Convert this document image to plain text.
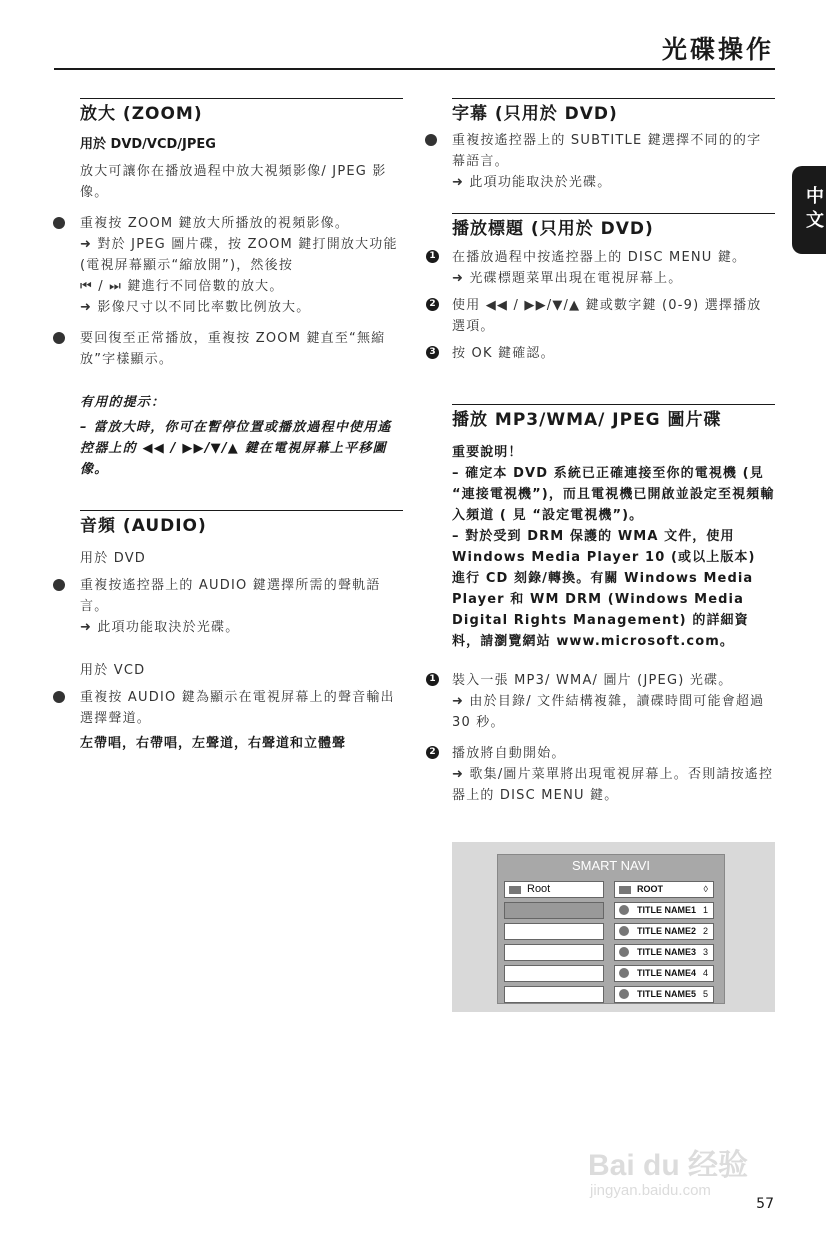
光碟操作
中文
放大 (ZOOM)
用於 DVD/VCD/JPEG

放大可讓你在播放過程中放大視頻影像/ JPEG 影像。

重複按 ZOOM 鍵放大所播放的視頻影像。

➜ 對於 JPEG 圖片碟，按 ZOOM 鍵打開放大功能 (電視屏幕顯示“縮放開”)，然後按

⏮ / ⏭ 鍵進行不同倍數的放大。

➜ 影像尺寸以不同比率數比例放大。

要回復至正常播放，重複按 ZOOM 鍵直至“無縮放”字樣顯示。

有用的提示：

– 當放大時，你可在暫停位置或播放過程中使用遙控器上的 ◀◀ / ▶▶/▼/▲ 鍵在電視屏幕上平移圖像。

音頻 (AUDIO)

用於 DVD

重複按遙控器上的 AUDIO 鍵選擇所需的聲軌語言。

➜ 此項功能取決於光碟。

用於 VCD

重複按 AUDIO 鍵為顯示在電視屏幕上的聲音輸出選擇聲道。

左帶唱，右帶唱，左聲道，右聲道和立體聲

字幕 (只用於 DVD)

重複按遙控器上的 SUBTITLE 鍵選擇不同的的字幕語言。

➜ 此項功能取決於光碟。

播放標題 (只用於 DVD)
1 在播放過程中按遙控器上的 DISC MENU 鍵。

➜ 光碟標題菜單出現在電視屏幕上。

2 使用 ◀◀ / ▶▶/▼/▲ 鍵或數字鍵 (0-9) 選擇播放選項。

3 按 OK 鍵確認。

播放 MP3/WMA/ JPEG 圖片碟

重要說明！

– 確定本 DVD 系統已正確連接至你的電視機 (見 “連接電視機”)，而且電視機已開啟並設定至視頻輸入頻道 ( 見 “設定電視機”)。

– 對於受到 DRM 保護的 WMA 文件，使用 Windows Media Player 10 (或以上版本) 進行 CD 刻錄/轉換。有關 Windows Media Player 和 WM DRM (Windows Media Digital Rights Management) 的詳細資料，請瀏覽網站 www.microsoft.com。

1 裝入一張 MP3/ WMA/ 圖片 (JPEG) 光碟。

➜ 由於目錄/ 文件結構複雜，讀碟時間可能會超過 30 秒。

2 播放將自動開始。

➜ 歌集/圖片菜單將出現電視屏幕上。否則請按遙控器上的 DISC MENU 鍵。

SMART NAVI
Root	ROOT	◊
TITLE NAME1 1
TITLE NAME2 2
TITLE NAME3 3
TITLE NAME4 4
TITLE NAME5 5
Bai du 经验
jingyan.baidu.com
57
